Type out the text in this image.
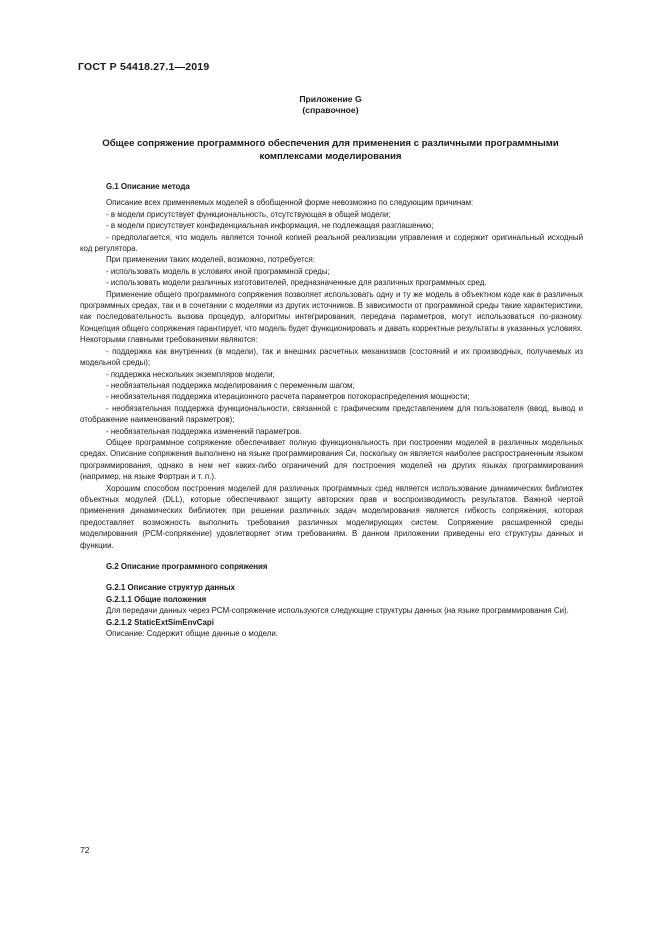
ГОСТ Р 54418.27.1—2019
Приложение G
(справочное)
Общее сопряжение программного обеспечения для применения с различными программными
комплексами моделирования

G.1 Описание метода

Описание всех применяемых моделей в обобщенной форме невозможно по следующим причинам:

- в модели присутствует функциональность, отсутствующая в общей модели;

- в модели присутствует конфиденциальная информация, не подлежащая разглашению;

- предполагается, что модель является точной копией реальной реализации управления и содержит оригинальный исходный код регулятора.

При применении таких моделей, возможно, потребуется:

- использовать модель в условиях иной программной среды;

- использовать модели различных изготовителей, предназначенные для различных программных сред.

Применение общего программного сопряжения позволяет использовать одну и ту же модель в объектном коде как в различных программных средах, так и в сочетании с моделями из других источников. В зависимости от программной среды такие характеристики, как последовательность вызова процедур, алгоритмы интегрирования, передача параметров, могут использоваться по-разному. Концепция общего сопряжения гарантирует, что модель будет функционировать и давать корректные результаты в указанных условиях. Некоторыми главными требованиями являются:

- поддержка как внутренних (в модели), так и внешних расчетных механизмов (состояний и их производных, получаемых из модельной среды);

- поддержка нескольких экземпляров модели;

- необязательная поддержка моделирования с переменным шагом;

- необязательная поддержка итерационного расчета параметров потокораспределения мощности;

- необязательная поддержка функциональности, связанной с графическим представлением для пользователя (ввод, вывод и отображение наименований параметров);

- необязательная поддержка изменений параметров.

Общее программное сопряжение обеспечивает полную функциональность при построении моделей в различных модельных средах. Описание сопряжения выполнено на языке программирования Си, поскольку он является наиболее распространенным языком программирования, однако в нем нет каких-либо ограничений для построения моделей на других языках программирования (например, на языке Фортран и т. п.).

Хорошим способом построения моделей для различных программных сред является использование динамических библиотек объектных модулей (DLL), которые обеспечивают защиту авторских прав и воспроизводимость результатов. Важной чертой применения динамических библиотек при решении различных задач моделирования является гибкость сопряжения, которая предоставляет возможность выполнить требования различных моделирующих систем. Сопряжение расширенной среды моделирования (PCM-сопряжение) удовлетворяет этим требованиям. В данном приложении приведены его структуры данных и функции.

G.2 Описание программного сопряжения

G.2.1 Описание структур данных

G.2.1.1 Общие положения

Для передачи данных через PCM-сопряжение используются следующие структуры данных (на языке программирования Си).

G.2.1.2 StaticExtSimEnvCapi

Описание: Содержит общие данные о модели.

72
